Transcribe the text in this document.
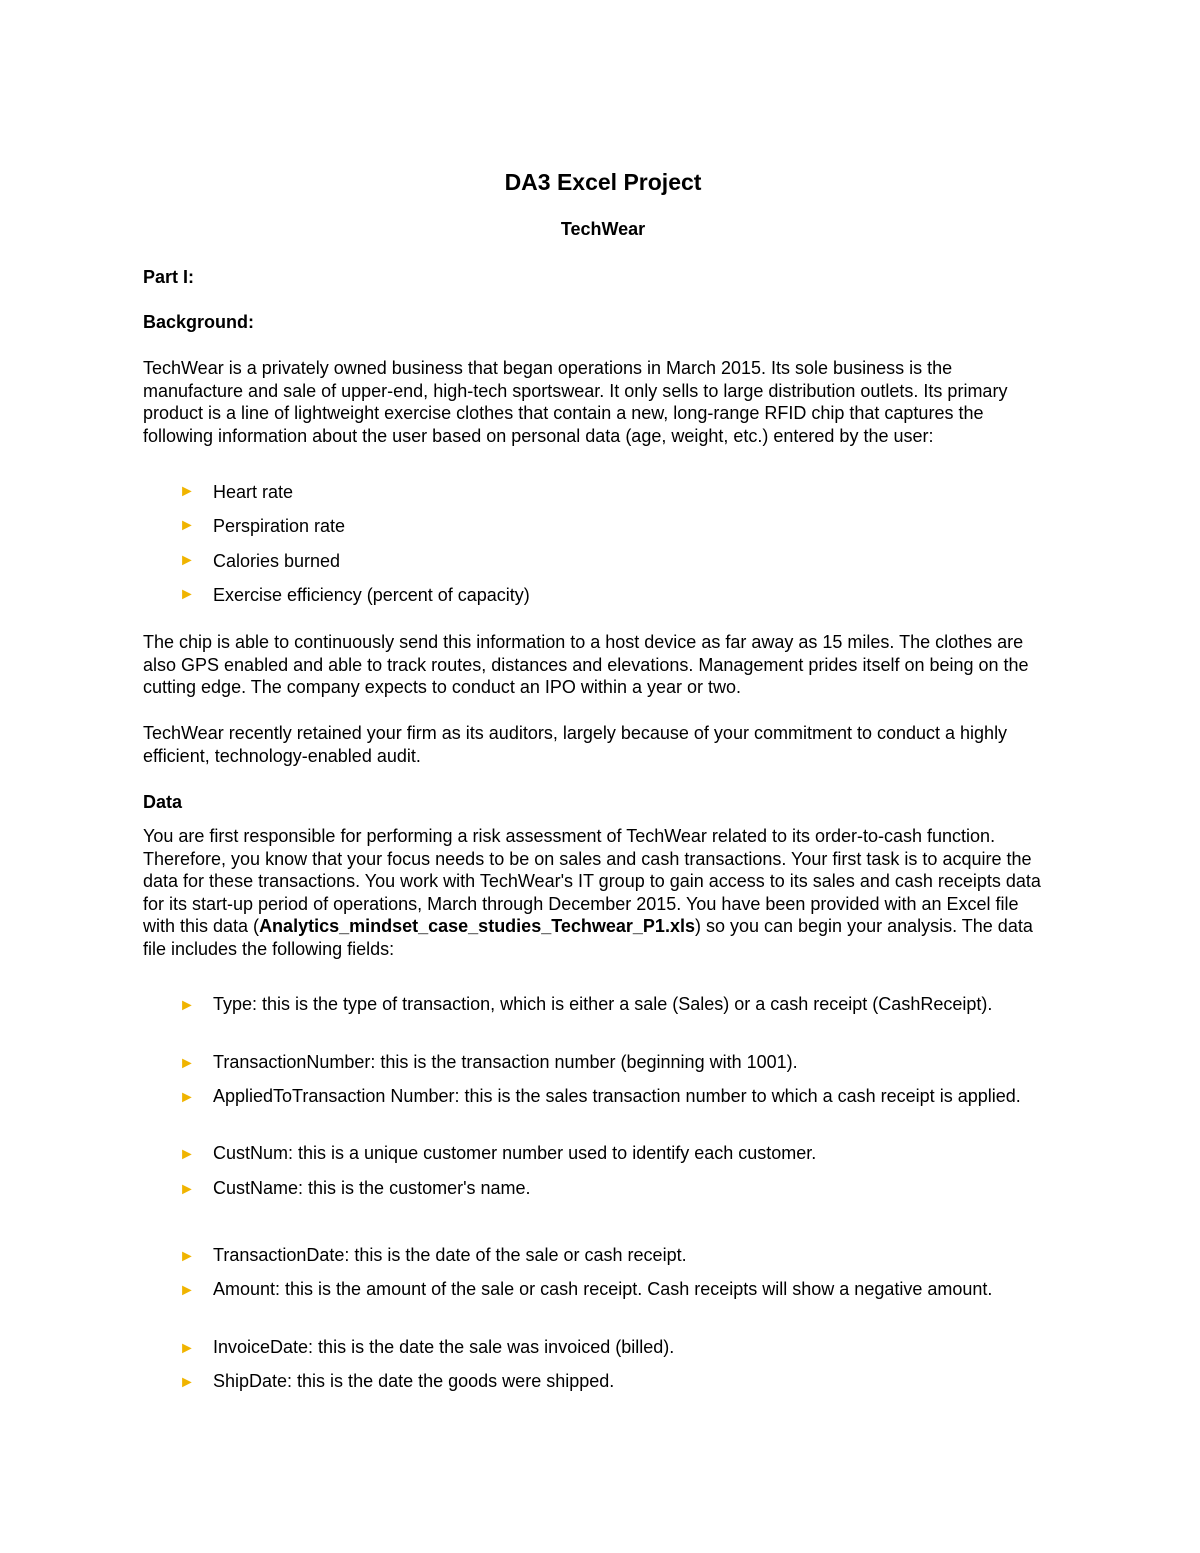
DA3 Excel Project
TechWear
Part I:
Background:

TechWear is a privately owned business that began operations in March 2015. Its sole business is the manufacture and sale of upper-end, high-tech sportswear. It only sells to large distribution outlets. Its primary product is a line of lightweight exercise clothes that contain a new, long-range RFID chip that captures the following information about the user based on personal data (age, weight, etc.) entered by the user:

►	Heart rate
►	Perspiration rate
►	Calories burned
►	Exercise efficiency (percent of capacity)

The chip is able to continuously send this information to a host device as far away as 15 miles. The clothes are also GPS enabled and able to track routes, distances and elevations. Management prides itself on being on the cutting edge. The company expects to conduct an IPO within a year or two.

TechWear recently retained your firm as its auditors, largely because of your commitment to conduct a highly efficient, technology-enabled audit.

Data

You are first responsible for performing a risk assessment of TechWear related to its order-to-cash function. Therefore, you know that your focus needs to be on sales and cash transactions. Your first task is to acquire the data for these transactions. You work with TechWear's IT group to gain access to its sales and cash receipts data for its start-up period of operations, March through December 2015. You have been provided with an Excel file with this data (Analytics_mindset_case_studies_Techwear_P1.xls) so you can begin your analysis. The data file includes the following fields:

► Type: this is the type of transaction, which is either a sale (Sales) or a cash receipt (CashReceipt).
► TransactionNumber: this is the transaction number (beginning with 1001).
► AppliedToTransaction Number: this is the sales transaction number to which a cash receipt is applied.
► CustNum: this is a unique customer number used to identify each customer.
► CustName: this is the customer's name.
► TransactionDate: this is the date of the sale or cash receipt.
► Amount: this is the amount of the sale or cash receipt. Cash receipts will show a negative amount.
► InvoiceDate: this is the date the sale was invoiced (billed).
► ShipDate: this is the date the goods were shipped.
